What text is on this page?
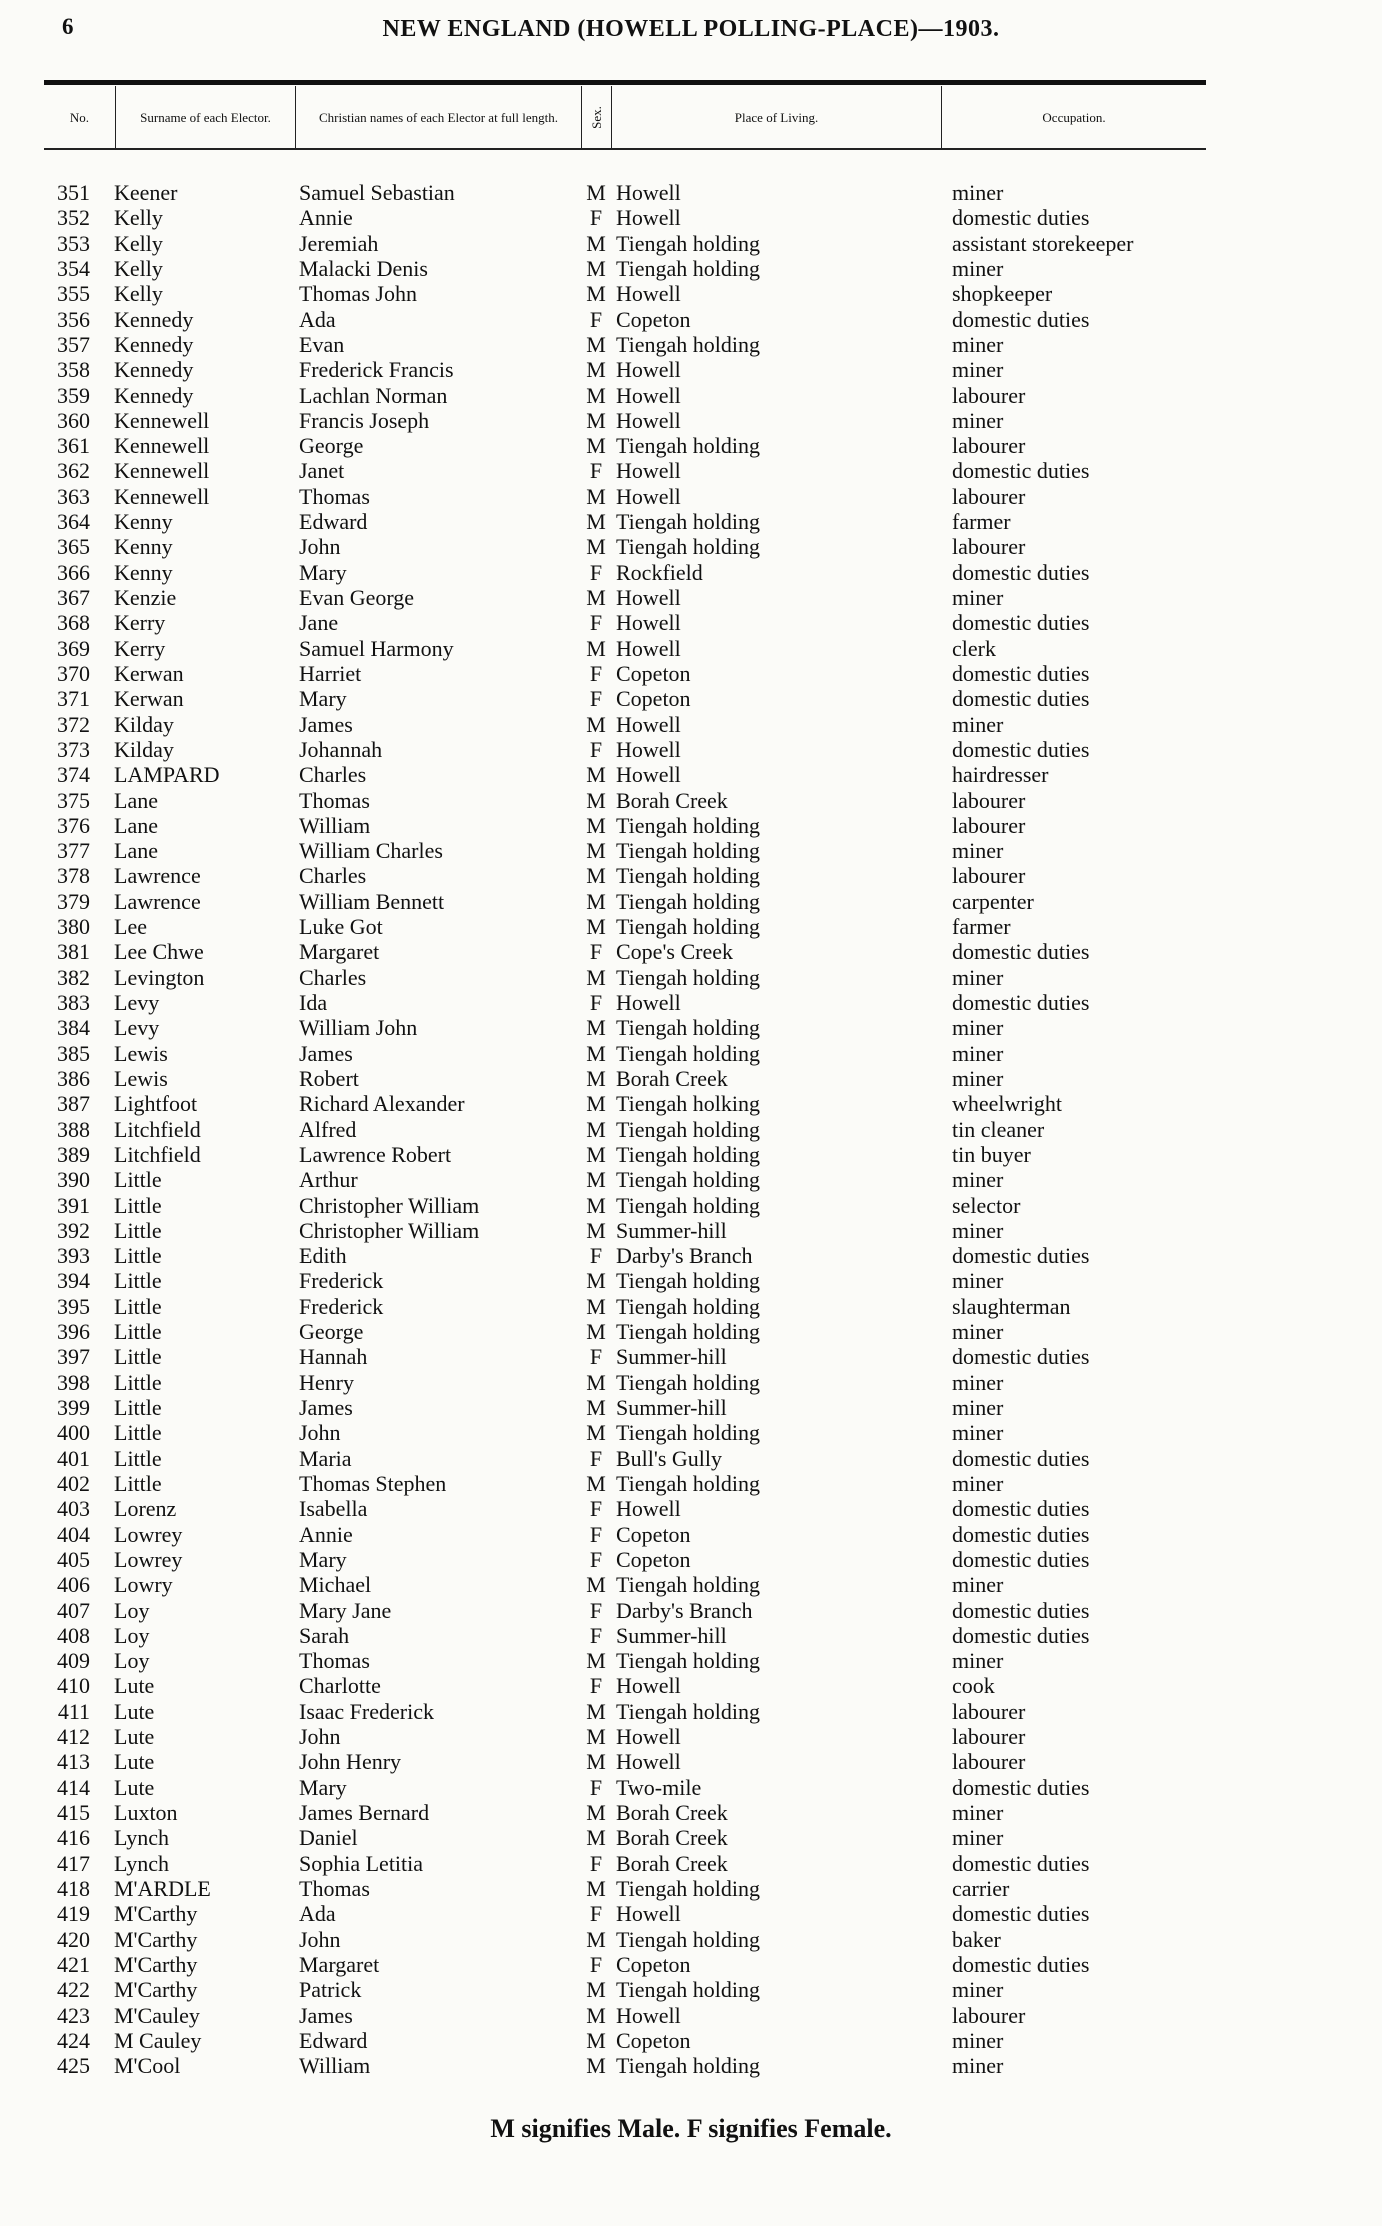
6	NEW ENGLAND (HOWELL POLLING-PLACE)—1903.
No.	Surname of each Elector.	Christian names of each Elector at full length.	Sex.	Place of Living.	Occupation.
351 Keener	Samuel Sebastian	M Howell	miner
352 Kelly	Annie	F Howell	domestic duties
353 Kelly	Jeremiah	M Tiengah holding	assistant storekeeper
354 Kelly	Malacki Denis	M Tiengah holding	miner
355 Kelly	Thomas John	M Howell	shopkeeper
356 Kennedy	Ada	F Copeton	domestic duties
357 Kennedy	Evan	M Tiengah holding	miner
358 Kennedy	Frederick Francis	M Howell	miner
359 Kennedy	Lachlan Norman	M Howell	labourer
360 Kennewell	Francis Joseph	M Howell	miner
361 Kennewell	George	M Tiengah holding	labourer
362 Kennewell	Janet	F Howell	domestic duties
363 Kennewell	Thomas	M Howell	labourer
364 Kenny	Edward	M Tiengah holding	farmer
365 Kenny	John	M Tiengah holding	labourer
366 Kenny	Mary	F Rockfield	domestic duties
367 Kenzie	Evan George	M Howell	miner
368 Kerry	Jane	F Howell	domestic duties
369 Kerry	Samuel Harmony	M Howell	clerk
370 Kerwan	Harriet	F Copeton	domestic duties
371 Kerwan	Mary	F Copeton	domestic duties
372 Kilday	James	M Howell	miner
373 Kilday	Johannah	F Howell	domestic duties
374 LAMPARD	Charles	M Howell	hairdresser
375 Lane	Thomas	M Borah Creek	labourer
376 Lane	William	M Tiengah holding	labourer
377 Lane	William Charles	M Tiengah holding	miner
378 Lawrence	Charles	M Tiengah holding	labourer
379 Lawrence	William Bennett	M Tiengah holding	carpenter
380 Lee	Luke Got	M Tiengah holding	farmer
381 Lee Chwe	Margaret	F Cope's Creek	domestic duties
382 Levington	Charles	M Tiengah holding	miner
383 Levy	Ida	F Howell	domestic duties
384 Levy	William John	M Tiengah holding	miner
385 Lewis	James	M Tiengah holding	miner
386 Lewis	Robert	M Borah Creek	miner
387 Lightfoot	Richard Alexander	M Tiengah holking	wheelwright
388 Litchfield	Alfred	M Tiengah holding	tin cleaner
389 Litchfield	Lawrence Robert	M Tiengah holding	tin buyer
390 Little	Arthur	M Tiengah holding	miner
391 Little	Christopher William	M Tiengah holding	selector
392 Little	Christopher William	M Summer-hill	miner
393 Little	Edith	F Darby's Branch	domestic duties
394 Little	Frederick	M Tiengah holding	miner
395 Little	Frederick	M Tiengah holding	slaughterman
396 Little	George	M Tiengah holding	miner
397 Little	Hannah	F Summer-hill	domestic duties
398 Little	Henry	M Tiengah holding	miner
399 Little	James	M Summer-hill	miner
400 Little	John	M Tiengah holding	miner
401 Little	Maria	F Bull's Gully	domestic duties
402 Little	Thomas Stephen	M Tiengah holding	miner
403 Lorenz	Isabella	F Howell	domestic duties
404 Lowrey	Annie	F Copeton	domestic duties
405 Lowrey	Mary	F Copeton	domestic duties
406 Lowry	Michael	M Tiengah holding	miner
407 Loy	Mary Jane	F Darby's Branch	domestic duties
408 Loy	Sarah	F Summer-hill	domestic duties
409 Loy	Thomas	M Tiengah holding	miner
410 Lute	Charlotte	F Howell	cook
411 Lute	Isaac Frederick	M Tiengah holding	labourer
412 Lute	John	M Howell	labourer
413 Lute	John Henry	M Howell	labourer
414 Lute	Mary	F Two-mile	domestic duties
415 Luxton	James Bernard	M Borah Creek	miner
416 Lynch	Daniel	M Borah Creek	miner
417 Lynch	Sophia Letitia	F Borah Creek	domestic duties
418 M'ARDLE	Thomas	M Tiengah holding	carrier
419 M'Carthy	Ada	F Howell	domestic duties
420 M'Carthy	John	M Tiengah holding	baker
421 M'Carthy	Margaret	F Copeton	domestic duties
422 M'Carthy	Patrick	M Tiengah holding	miner
423 M'Cauley	James	M Howell	labourer
424 M Cauley	Edward	M Copeton	miner
425 M'Cool	William	M Tiengah holding	miner
M signifies Male. F signifies Female.
